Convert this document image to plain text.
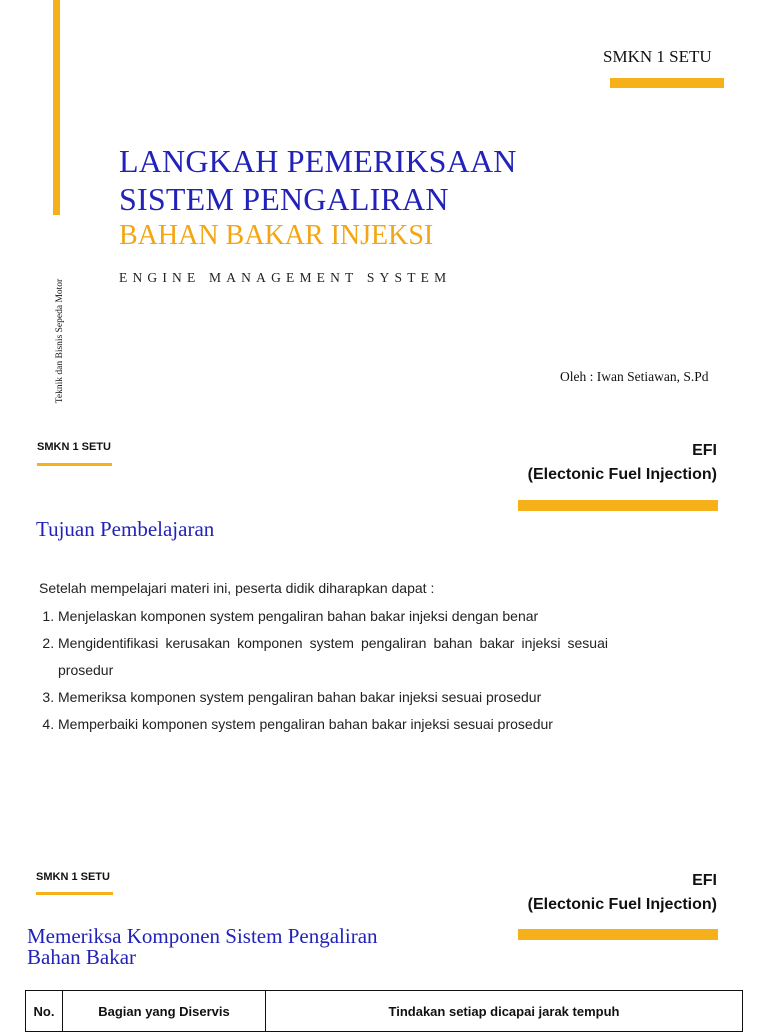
SMKN 1 SETU
LANGKAH PEMERIKSAAN
SISTEM PENGALIRAN
BAHAN BAKAR INJEKSI
ENGINE MANAGEMENT SYSTEM
Teknik dan Bisnis Sepeda Motor	Oleh : Iwan Setiawan, S.Pd
SMKN 1 SETU	EFI
(Electonic Fuel Injection)
Tujuan Pembelajaran
Setelah mempelajari materi ini, peserta didik diharapkan dapat :
1. Menjelaskan komponen system pengaliran bahan bakar injeksi dengan benar
2. Mengidentifikasi kerusakan komponen system pengaliran bahan bakar injeksi sesuai prosedur
3. Memeriksa komponen system pengaliran bahan bakar injeksi sesuai prosedur
4. Memperbaiki komponen system pengaliran bahan bakar injeksi sesuai prosedur
SMKN 1 SETU	EFI
(Electonic Fuel Injection)
Memeriksa Komponen Sistem Pengaliran
Bahan Bakar
No.	Bagian yang Diservis	Tindakan setiap dicapai jarak tempuh
